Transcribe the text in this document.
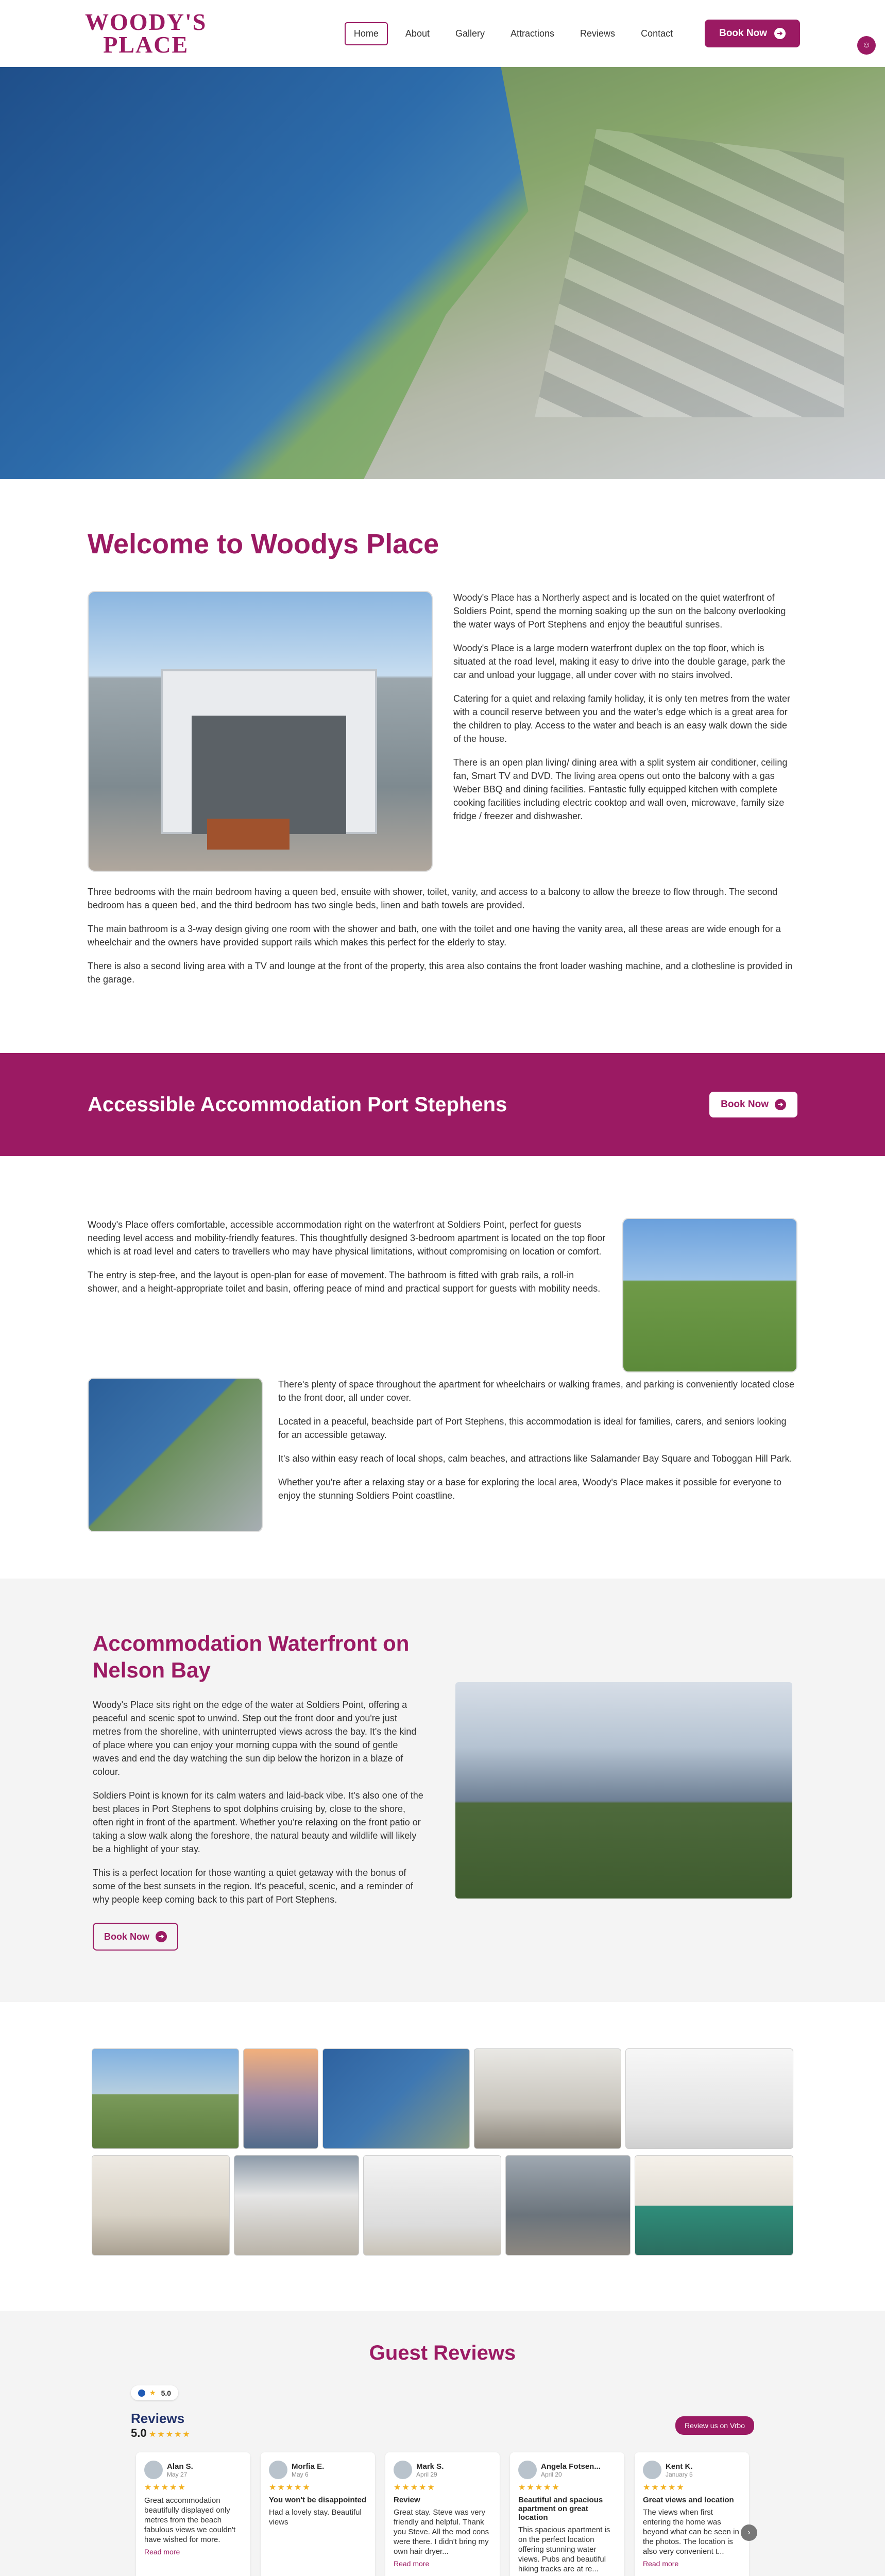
WOODY'S
PLACE	Home	About	Gallery	Attractions	Reviews	Contact	Book Now	➔
☺
Welcome to Woodys Place

Woody's Place has a Northerly aspect and is located on the quiet waterfront of Soldiers Point, spend the morning soaking up the sun on the balcony overlooking the water ways of Port Stephens and enjoy the beautiful sunrises.

Woody's Place is a large modern waterfront duplex on the top floor, which is situated at the road level, making it easy to drive into the double garage, park the car and unload your luggage, all under cover with no stairs involved.

Catering for a quiet and relaxing family holiday, it is only ten metres from the water with a council reserve between you and the water's edge which is a great area for the children to play. Access to the water and beach is an easy walk down the side of the house.

There is an open plan living/ dining area with a split system air conditioner, ceiling fan, Smart TV and DVD. The living area opens out onto the balcony with a gas Weber BBQ and dining facilities. Fantastic fully equipped kitchen with complete cooking facilities including electric cooktop and wall oven, microwave, family size fridge / freezer and dishwasher.

Three bedrooms with the main bedroom having a queen bed, ensuite with shower, toilet, vanity, and access to a balcony to allow the breeze to flow through. The second bedroom has a queen bed, and the third bedroom has two single beds, linen and bath towels are provided.

The main bathroom is a 3-way design giving one room with the shower and bath, one with the toilet and one having the vanity area, all these areas are wide enough for a wheelchair and the owners have provided support rails which makes this perfect for the elderly to stay.

There is also a second living area with a TV and lounge at the front of the property, this area also contains the front loader washing machine, and a clothesline is provided in the garage.

Accessible Accommodation Port Stephens	Book Now	➔

Woody's Place offers comfortable, accessible accommodation right on the waterfront at Soldiers Point, perfect for guests needing level access and mobility-friendly features. This thoughtfully designed 3-bedroom apartment is located on the top floor which is at road level and caters to travellers who may have physical limitations, without compromising on location or comfort.

The entry is step-free, and the layout is open-plan for ease of movement. The bathroom is fitted with grab rails, a roll-in shower, and a height-appropriate toilet and basin, offering peace of mind and practical support for guests with mobility needs.

There's plenty of space throughout the apartment for wheelchairs or walking frames, and parking is conveniently located close to the front door, all under cover.

Located in a peaceful, beachside part of Port Stephens, this accommodation is ideal for families, carers, and seniors looking for an accessible getaway.

It's also within easy reach of local shops, calm beaches, and attractions like Salamander Bay Square and Toboggan Hill Park.

Whether you're after a relaxing stay or a base for exploring the local area, Woody's Place makes it possible for everyone to enjoy the stunning Soldiers Point coastline.

Accommodation Waterfront on Nelson Bay

Woody's Place sits right on the edge of the water at Soldiers Point, offering a peaceful and scenic spot to unwind. Step out the front door and you're just metres from the shoreline, with uninterrupted views across the bay. It's the kind of place where you can enjoy your morning cuppa with the sound of gentle waves and end the day watching the sun dip below the horizon in a blaze of colour.

Soldiers Point is known for its calm waters and laid-back vibe. It's also one of the best places in Port Stephens to spot dolphins cruising by, close to the shore, often right in front of the apartment. Whether you're relaxing on the front patio or taking a slow walk along the foreshore, the natural beauty and wildlife will likely be a highlight of your stay.

This is a perfect location for those wanting a quiet getaway with the bonus of some of the best sunsets in the region. It's peaceful, scenic, and a reminder of why people keep coming back to this part of Port Stephens.

Book Now	➔
Guest Reviews
★ 5.0
Reviews
5.0 ★★★★★
Review us on Vrbo
Alan S.
May 27
★★★★★
Great accommodation beautifully displayed only metres from the beach fabulous views we couldn't have wished for more.
Read more
Morfia E.
May 6
★★★★★
You won't be disappointed
Had a lovely stay. Beautiful views
Mark S.
April 29
★★★★★
Review
Great stay. Steve was very friendly and helpful. Thank you Steve. All the mod cons were there. I didn't bring my own hair dryer...
Read more
Angela Fotsen...
April 20
★★★★★
Beautiful and spacious apartment on great location
This spacious apartment is on the perfect location offering stunning water views. Pubs and beautiful hiking tracks are at re...
Kent K.
January 5
★★★★★
Great views and location
The views when first entering the home was beyond what can be seen in the photos. The location is also very convenient t...
Read more
›
